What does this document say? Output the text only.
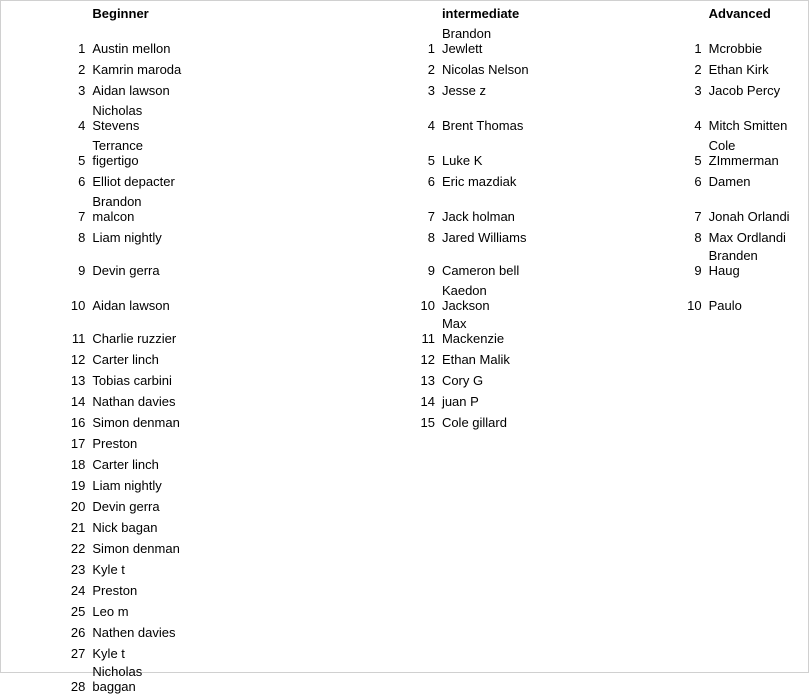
	Beginner		intermediate		Advanced
1	Austin mellon	1	Brandon Jewlett	1	Mcrobbie

2	Kamrin maroda	2	Nicolas Nelson	2	Ethan Kirk

3	Aidan lawson	3	Jesse z	3	Jacob Percy

4	Nicholas Stevens	4	Brent Thomas	4	Mitch Smitten

5	Terrance figertigo	5	Luke K	5	Cole ZImmerman

6	Elliot depacter	6	Eric mazdiak	6	Damen

7	Brandon malcon	7	Jack holman	7	Jonah Orlandi

8	Liam nightly	8	Jared Williams	8	Max Ordlandi

9	Devin gerra	9	Cameron bell	9	Branden Haug

10	Aidan lawson	10	Kaedon Jackson	10	Paulo

11	Charlie ruzzier	11	Max Mackenzie		

12	Carter linch	12	Ethan Malik		

13	Tobias carbini	13	Cory G		

14	Nathan davies	14	juan P		

16	Simon denman	15	Cole gillard		

17	Preston				

18	Carter linch				

19	Liam nightly				

20	Devin gerra				

21	Nick bagan				

22	Simon denman				

23	Kyle t				

24	Preston				

25	Leo m				

26	Nathen davies				

27	Kyle t				

28	Nicholas baggan				
